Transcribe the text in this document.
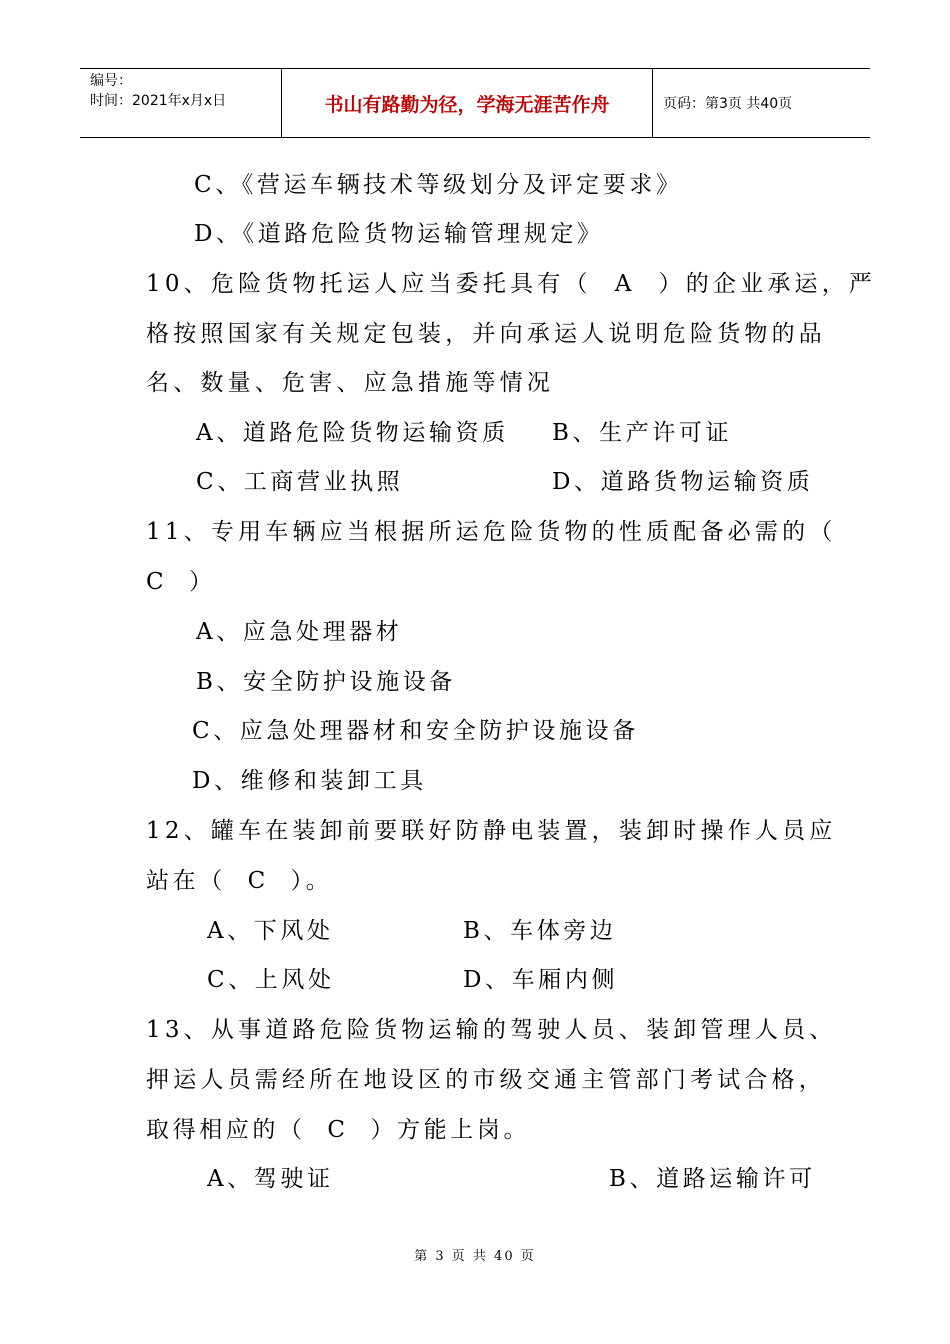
编号：
时间：2021年x月x日	书山有路勤为径，学海无涯苦作舟	页码：第3页 共40页
C、《营运车辆技术等级划分及评定要求》
D、《道路危险货物运输管理规定》
10、危险货物托运人应当委托具有（  A  ）的企业承运，严
格按照国家有关规定包装，并向承运人说明危险货物的品
名、数量、危害、应急措施等情况
A、道路危险货物运输资质 B、生产许可证
C、工商营业执照	D、道路货物运输资质
11、专用车辆应当根据所运危险货物的性质配备必需的（
C  ）
A、应急处理器材
B、安全防护设施设备
C、应急处理器材和安全防护设施设备
D、维修和装卸工具
12、罐车在装卸前要联好防静电装置，装卸时操作人员应
站在（  C  ）。
A、下风处	B、车体旁边
C、上风处	D、车厢内侧
13、从事道路危险货物运输的驾驶人员、装卸管理人员、
押运人员需经所在地设区的市级交通主管部门考试合格，
取得相应的（  C  ）方能上岗。
A、驾驶证	B、道路运输许可
第 3 页 共 40 页
